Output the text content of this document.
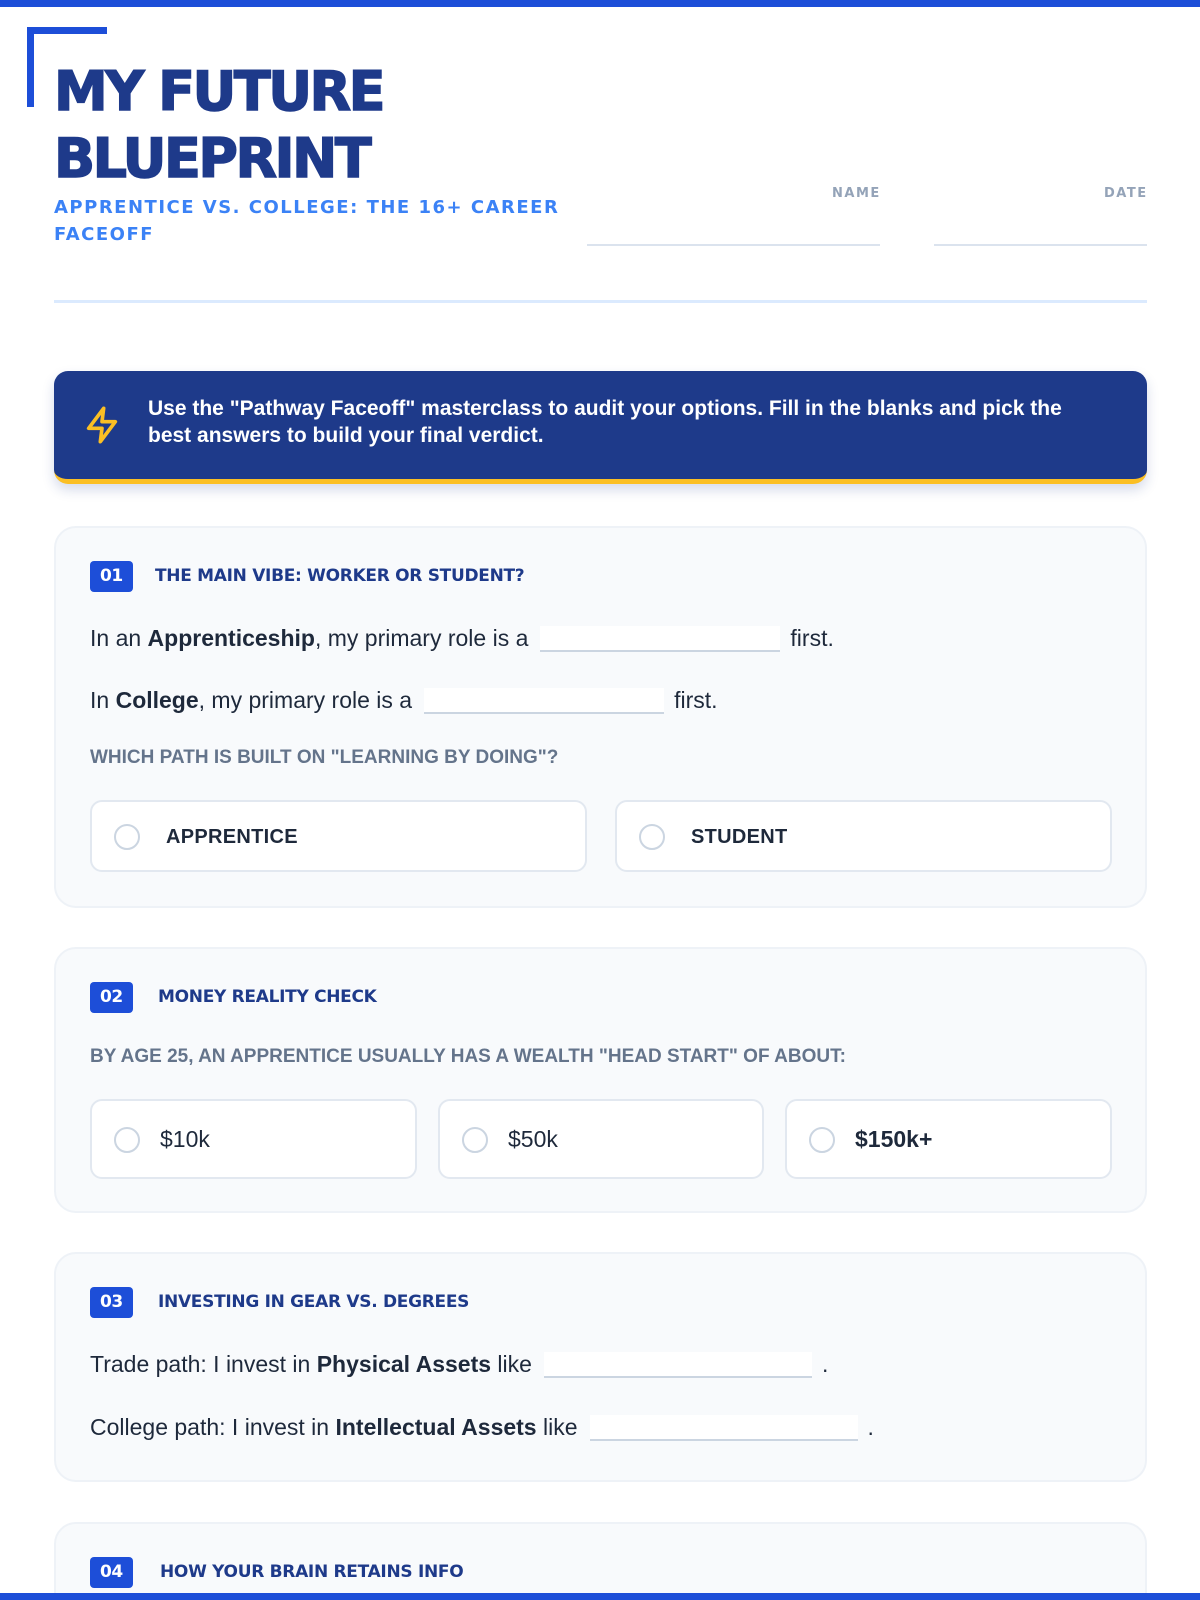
MY FUTURE
BLUEPRINT
APPRENTICE VS. COLLEGE: THE 16+ CAREER FACEOFF
NAME	DATE
Use the "Pathway Faceoff" masterclass to audit your options. Fill in the blanks and pick the best answers to build your final verdict.
01	THE MAIN VIBE: WORKER OR STUDENT?
In an Apprenticeship, my primary role is a	first.
In College, my primary role is a	first.
WHICH PATH IS BUILT ON "LEARNING BY DOING"?
APPRENTICE	STUDENT
02	MONEY REALITY CHECK
BY AGE 25, AN APPRENTICE USUALLY HAS A WEALTH "HEAD START" OF ABOUT:
$10k	$50k	$150k+
03	INVESTING IN GEAR VS. DEGREES
Trade path: I invest in Physical Assets like	.
College path: I invest in Intellectual Assets like	.
04	HOW YOUR BRAIN RETAINS INFO
